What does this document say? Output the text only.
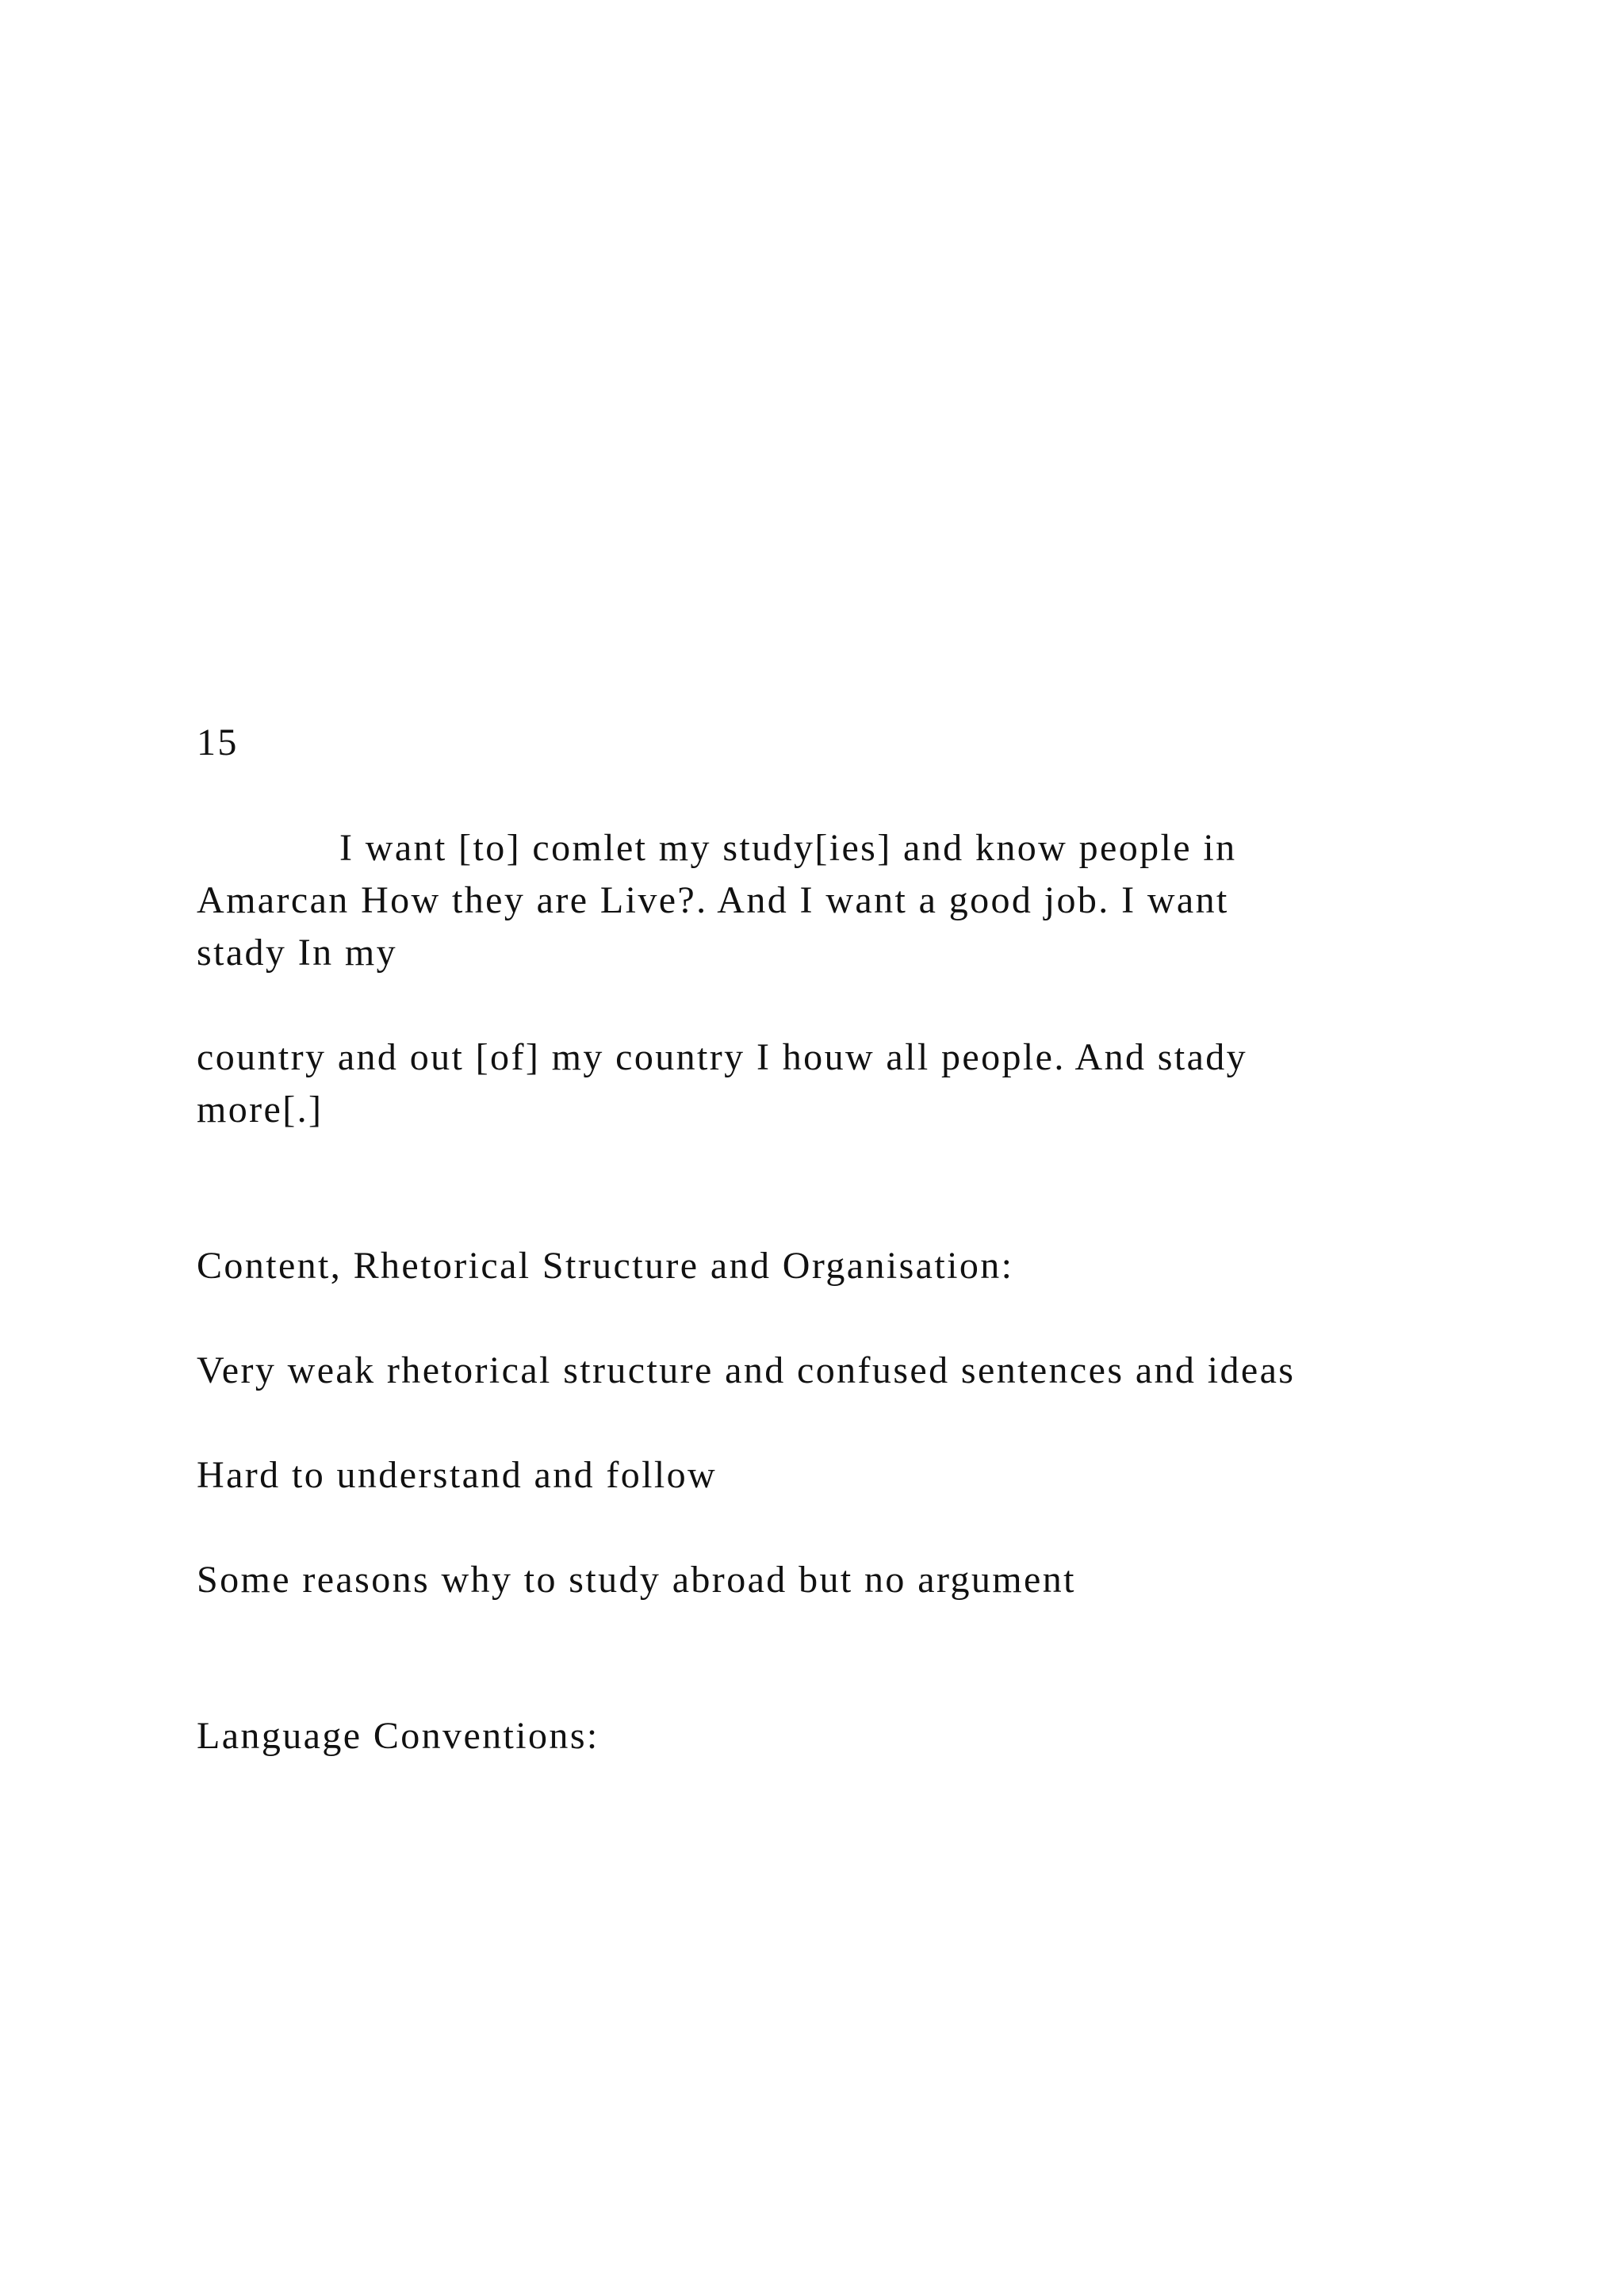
15

I want [to] comlet my study[ies] and know people in

Amarcan How they are Live?. And I want a good job. I want

stady In my

country and out [of] my country I houw all people. And stady

more[.]

Content, Rhetorical Structure and Organisation:

Very weak rhetorical structure and confused sentences and ideas

Hard to understand and follow

Some reasons why to study abroad but no argument

Language Conventions:
